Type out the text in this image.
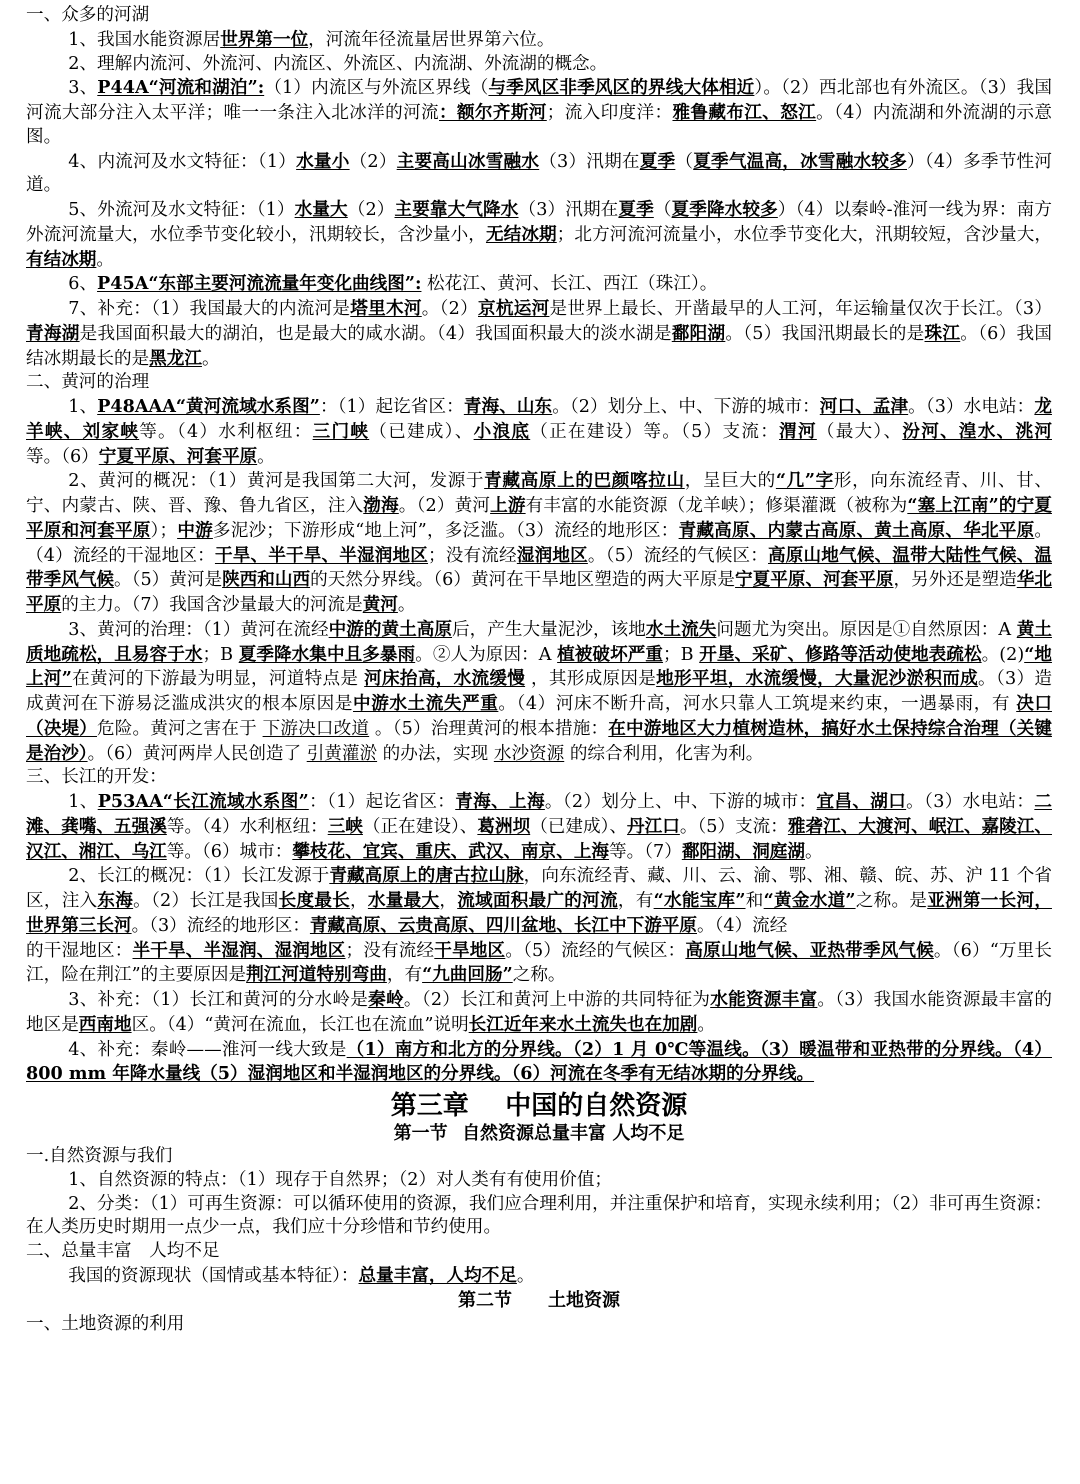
一、众多的河湖

1、我国水能资源居世界第一位，河流年径流量居世界第六位。

2、理解内流河、外流河、内流区、外流区、内流湖、外流湖的概念。

3、P44A“河流和湖泊”:（1）内流区与外流区界线（与季风区非季风区的界线大体相近）。（2）西北部也有外流区。（3）我国河流大部分注入太平洋；唯一一条注入北冰洋的河流：额尔齐斯河；流入印度洋：雅鲁藏布江、怒江。（4）内流湖和外流湖的示意图。

4、内流河及水文特征：（1）水量小（2）主要高山冰雪融水（3）汛期在夏季（夏季气温高，冰雪融水较多）（4）多季节性河道。

5、外流河及水文特征：（1）水量大（2）主要靠大气降水（3）汛期在夏季（夏季降水较多）（4）以秦岭-淮河一线为界：南方外流河流量大，水位季节变化较小，汛期较长，含沙量小，无结冰期；北方河流河流量小，水位季节变化大，汛期较短，含沙量大，有结冰期。

6、P45A“东部主要河流流量年变化曲线图”: 松花江、黄河、长江、西江（珠江）。

7、补充：（1）我国最大的内流河是塔里木河。（2）京杭运河是世界上最长、开凿最早的人工河，年运输量仅次于长江。（3）青海湖是我国面积最大的湖泊，也是最大的咸水湖。（4）我国面积最大的淡水湖是鄱阳湖。（5）我国汛期最长的是珠江。（6）我国结冰期最长的是黑龙江。

二、黄河的治理

1、P48AAA“黄河流域水系图”：（1）起讫省区：青海、山东。（2）划分上、中、下游的城市：河口、孟津。（3）水电站：龙羊峡、刘家峡等。（4）水利枢纽：三门峡（已建成）、小浪底（正在建设）等。（5）支流：渭河（最大）、汾河、湟水、洮河等。（6）宁夏平原、河套平原。

2、黄河的概况：（1）黄河是我国第二大河，发源于青藏高原上的巴颜喀拉山，呈巨大的“几”字形，向东流经青、川、甘、宁、内蒙古、陕、晋、豫、鲁九省区，注入渤海。（2）黄河上游有丰富的水能资源（龙羊峡）；修渠灌溉（被称为“塞上江南”的宁夏平原和河套平原）；中游多泥沙；下游形成“地上河”，多泛滥。（3）流经的地形区：青藏高原、内蒙古高原、黄土高原、华北平原。（4）流经的干湿地区：干旱、半干旱、半湿润地区；没有流经湿润地区。（5）流经的气候区：高原山地气候、温带大陆性气候、温带季风气候。（5）黄河是陕西和山西的天然分界线。（6）黄河在干旱地区塑造的两大平原是宁夏平原、河套平原，另外还是塑造华北平原的主力。（7）我国含沙量最大的河流是黄河。

3、黄河的治理：（1）黄河在流经中游的黄土高原后，产生大量泥沙，该地水土流失问题尤为突出。原因是①自然原因：A 黄土质地疏松，且易容于水；B 夏季降水集中且多暴雨。②人为原因：A 植被破坏严重；B 开垦、采矿、修路等活动使地表疏松。(2)“地上河”在黄河的下游最为明显，河道特点是 河床抬高，水流缓慢 ，其形成原因是地形平坦，水流缓慢，大量泥沙淤积而成。（3）造成黄河在下游易泛滥成洪灾的根本原因是中游水土流失严重。（4）河床不断升高，河水只靠人工筑堤来约束，一遇暴雨，有 决口（决堤）危险。黄河之害在于 下游决口改道 。（5）治理黄河的根本措施：在中游地区大力植树造林，搞好水土保持综合治理（关键是治沙）。（6）黄河两岸人民创造了 引黄灌淤 的办法，实现 水沙资源 的综合利用，化害为利。

三、长江的开发：

1、P53AA“长江流域水系图”：（1）起讫省区：青海、上海。（2）划分上、中、下游的城市：宜昌、湖口。（3）水电站：二滩、龚嘴、五强溪等。（4）水利枢纽：三峡（正在建设）、葛洲坝（已建成）、丹江口。（5）支流：雅砻江、大渡河、岷江、嘉陵江、汉江、湘江、乌江等。（6）城市：攀枝花、宜宾、重庆、武汉、南京、上海等。（7）鄱阳湖、洞庭湖。

2、长江的概况：（1）长江发源于青藏高原上的唐古拉山脉，向东流经青、藏、川、云、渝、鄂、湘、赣、皖、苏、沪 11 个省区，注入东海。（2）长江是我国长度最长，水量最大，流域面积最广的河流，有“水能宝库”和“黄金水道”之称。是亚洲第一长河，世界第三长河。（3）流经的地形区：青藏高原、云贵高原、四川盆地、长江中下游平原。（4）流经

的干湿地区：半干旱、半湿润、湿润地区；没有流经干旱地区。（5）流经的气候区：高原山地气候、亚热带季风气候。（6）“万里长江，险在荆江”的主要原因是荆江河道特别弯曲，有“九曲回肠”之称。

3、补充：（1）长江和黄河的分水岭是秦岭。（2）长江和黄河上中游的共同特征为水能资源丰富。（3）我国水能资源最丰富的地区是西南地区。（4）“黄河在流血，长江也在流血”说明长江近年来水土流失也在加剧。

4、补充：秦岭——淮河一线大致是（1）南方和北方的分界线。（2）1 月 0℃等温线。（3）暖温带和亚热带的分界线。（4）800 mm 年降水量线（5）湿润地区和半湿润地区的分界线。（6）河流在冬季有无结冰期的分界线。

第三章 中国的自然资源
第一节 自然资源总量丰富 人均不足

一.自然资源与我们

1、自然资源的特点：（1）现存于自然界；（2）对人类有有使用价值；

2、分类：（1）可再生资源：可以循环使用的资源，我们应合理利用，并注重保护和培育，实现永续利用；（2）非可再生资源：在人类历史时期用一点少一点，我们应十分珍惜和节约使用。

二、总量丰富　人均不足

我国的资源现状（国情或基本特征）：总量丰富，人均不足。

第二节 土地资源

一、土地资源的利用
